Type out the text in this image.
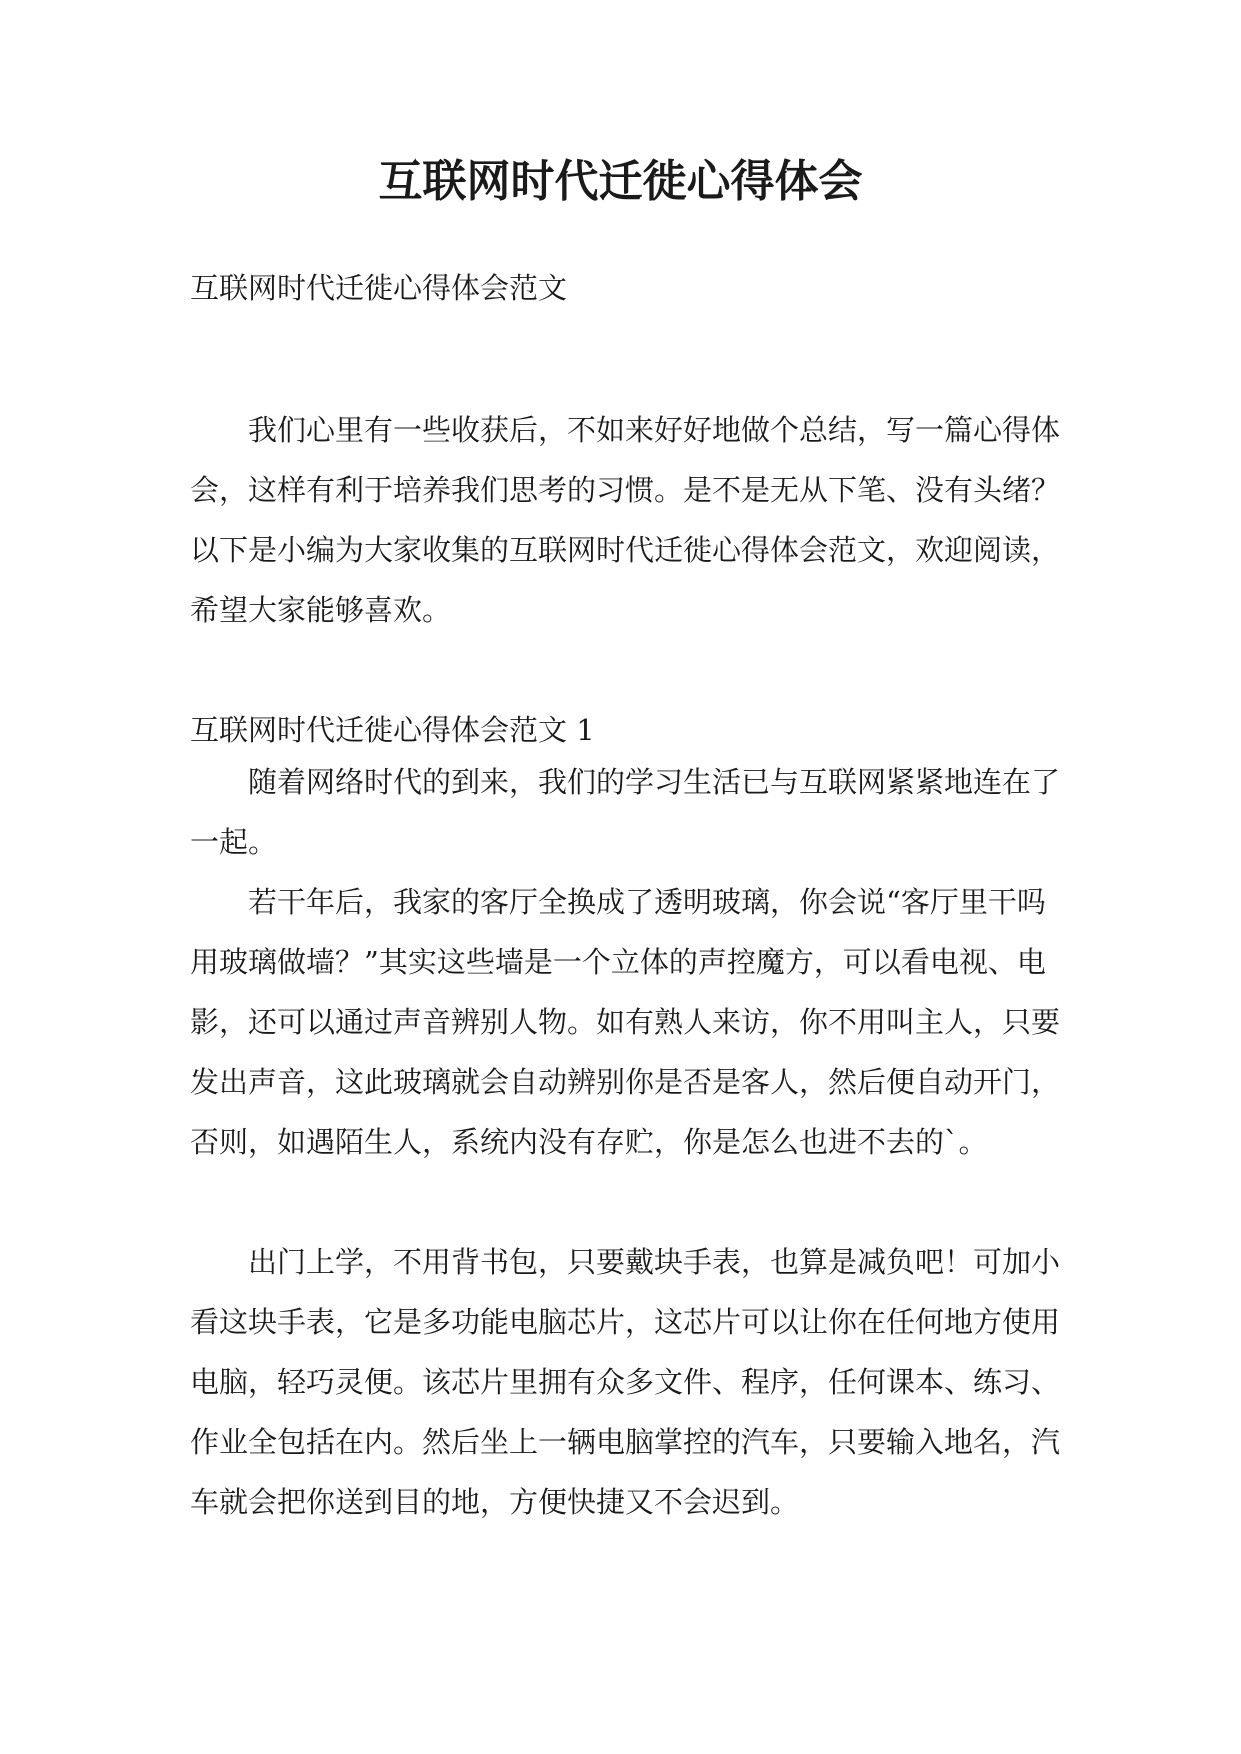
互联网时代迁徙心得体会

互联网时代迁徙心得体会范文

我们心里有一些收获后，不如来好好地做个总结，写一篇心得体会，这样有利于培养我们思考的习惯。是不是无从下笔、没有头绪？以下是小编为大家收集的互联网时代迁徙心得体会范文，欢迎阅读，希望大家能够喜欢。

互联网时代迁徙心得体会范文 1

随着网络时代的到来，我们的学习生活已与互联网紧紧地连在了一起。

若干年后，我家的客厅全换成了透明玻璃，你会说“客厅里干吗用玻璃做墙？”其实这些墙是一个立体的声控魔方，可以看电视、电影，还可以通过声音辨别人物。如有熟人来访，你不用叫主人，只要发出声音，这此玻璃就会自动辨别你是否是客人，然后便自动开门，否则，如遇陌生人，系统内没有存贮，你是怎么也进不去的`。

出门上学，不用背书包，只要戴块手表，也算是减负吧！可加小看这块手表，它是多功能电脑芯片，这芯片可以让你在任何地方使用电脑，轻巧灵便。该芯片里拥有众多文件、程序，任何课本、练习、作业全包括在内。然后坐上一辆电脑掌控的汽车，只要输入地名，汽车就会把你送到目的地，方便快捷又不会迟到。
